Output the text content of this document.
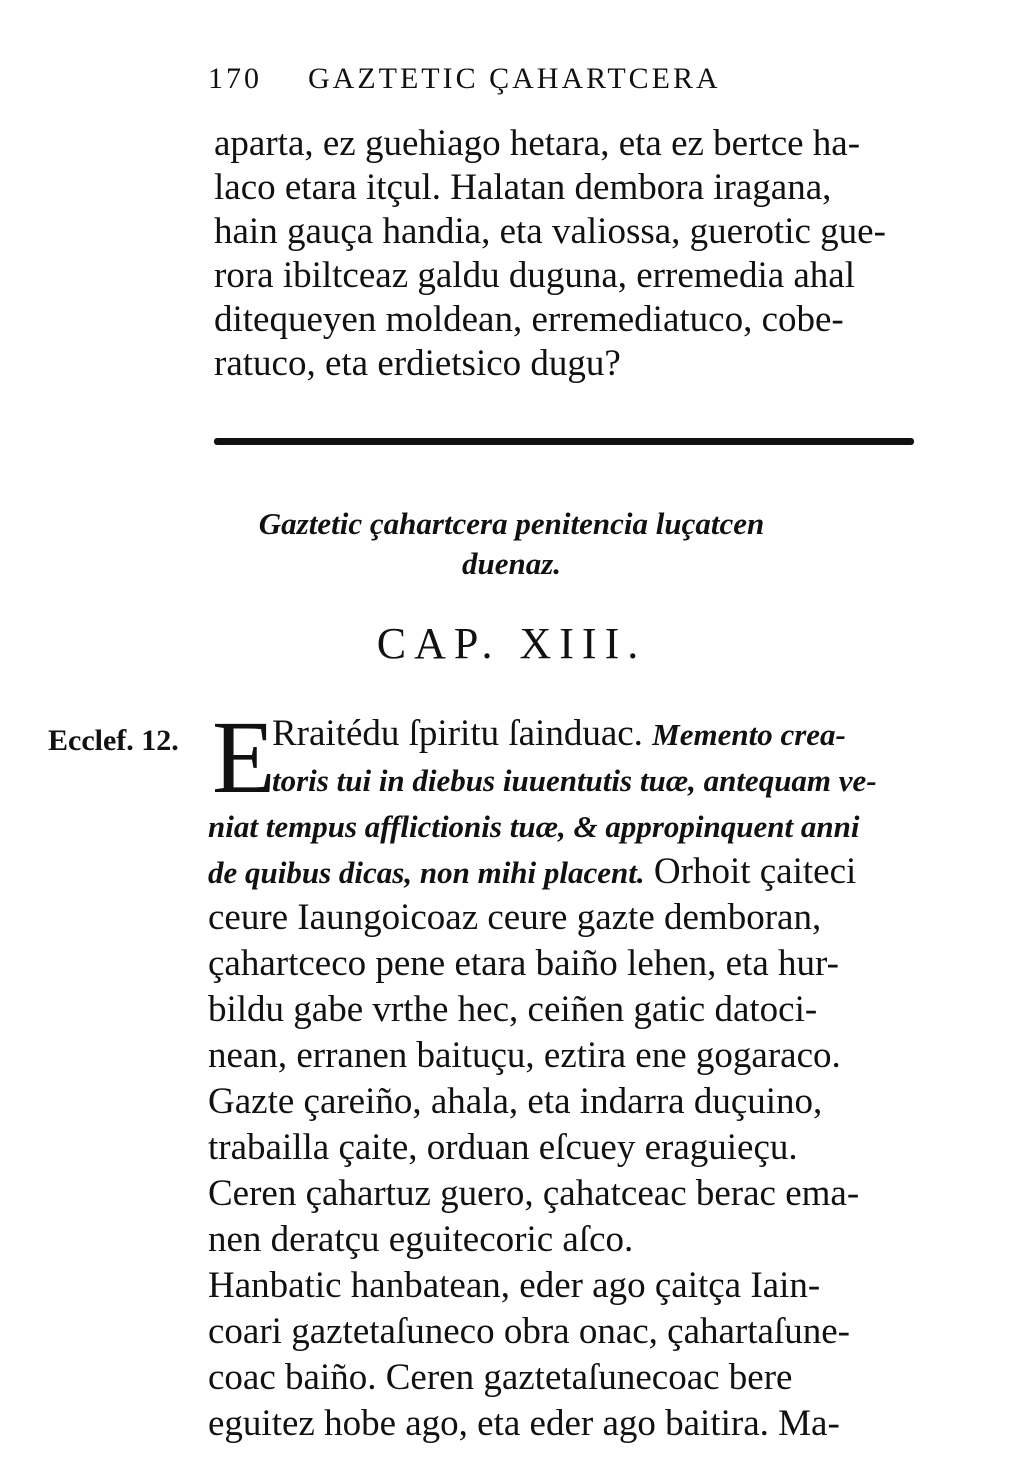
170 GAZTETIC ÇAHARTCERA
aparta, ez guehiago hetara, eta ez bertce ha-
laco etara itçul. Halatan dembora iragana,
hain gauça handia, eta valiossa, guerotic gue-
rora ibiltceaz galdu duguna, erremedia ahal
ditequeyen moldean, erremediatuco, cobe-
ratuco, eta erdietsico dugu?
Gaztetic çahartcera penitencia luçatcen
duenaz.
CAP. XIII.
Ecclef. 12. E
Rraitédu ſpiritu ſainduac. Memento crea-
toris tui in diebus iuuentutis tuæ, antequam ve-
niat tempus afflictionis tuæ, & appropinquent anni
de quibus dicas, non mihi placent. Orhoit çaiteci
ceure Iaungoicoaz ceure gazte demboran,
çahartceco pene etara baiño lehen, eta hur-
bildu gabe vrthe hec, ceiñen gatic datoci-
nean, erranen baituçu, eztira ene gogaraco.
Gazte çareiño, ahala, eta indarra duçuino,
trabailla çaite, orduan eſcuey eraguieçu.
Ceren çahartuz guero, çahatceac berac ema-
nen deratçu eguitecoric aſco.
Hanbatic hanbatean, eder ago çaitça Iain-
coari gaztetaſuneco obra onac, çahartaſune-
coac baiño. Ceren gaztetaſunecoac bere
eguitez hobe ago, eta eder ago baitira. Ma-
